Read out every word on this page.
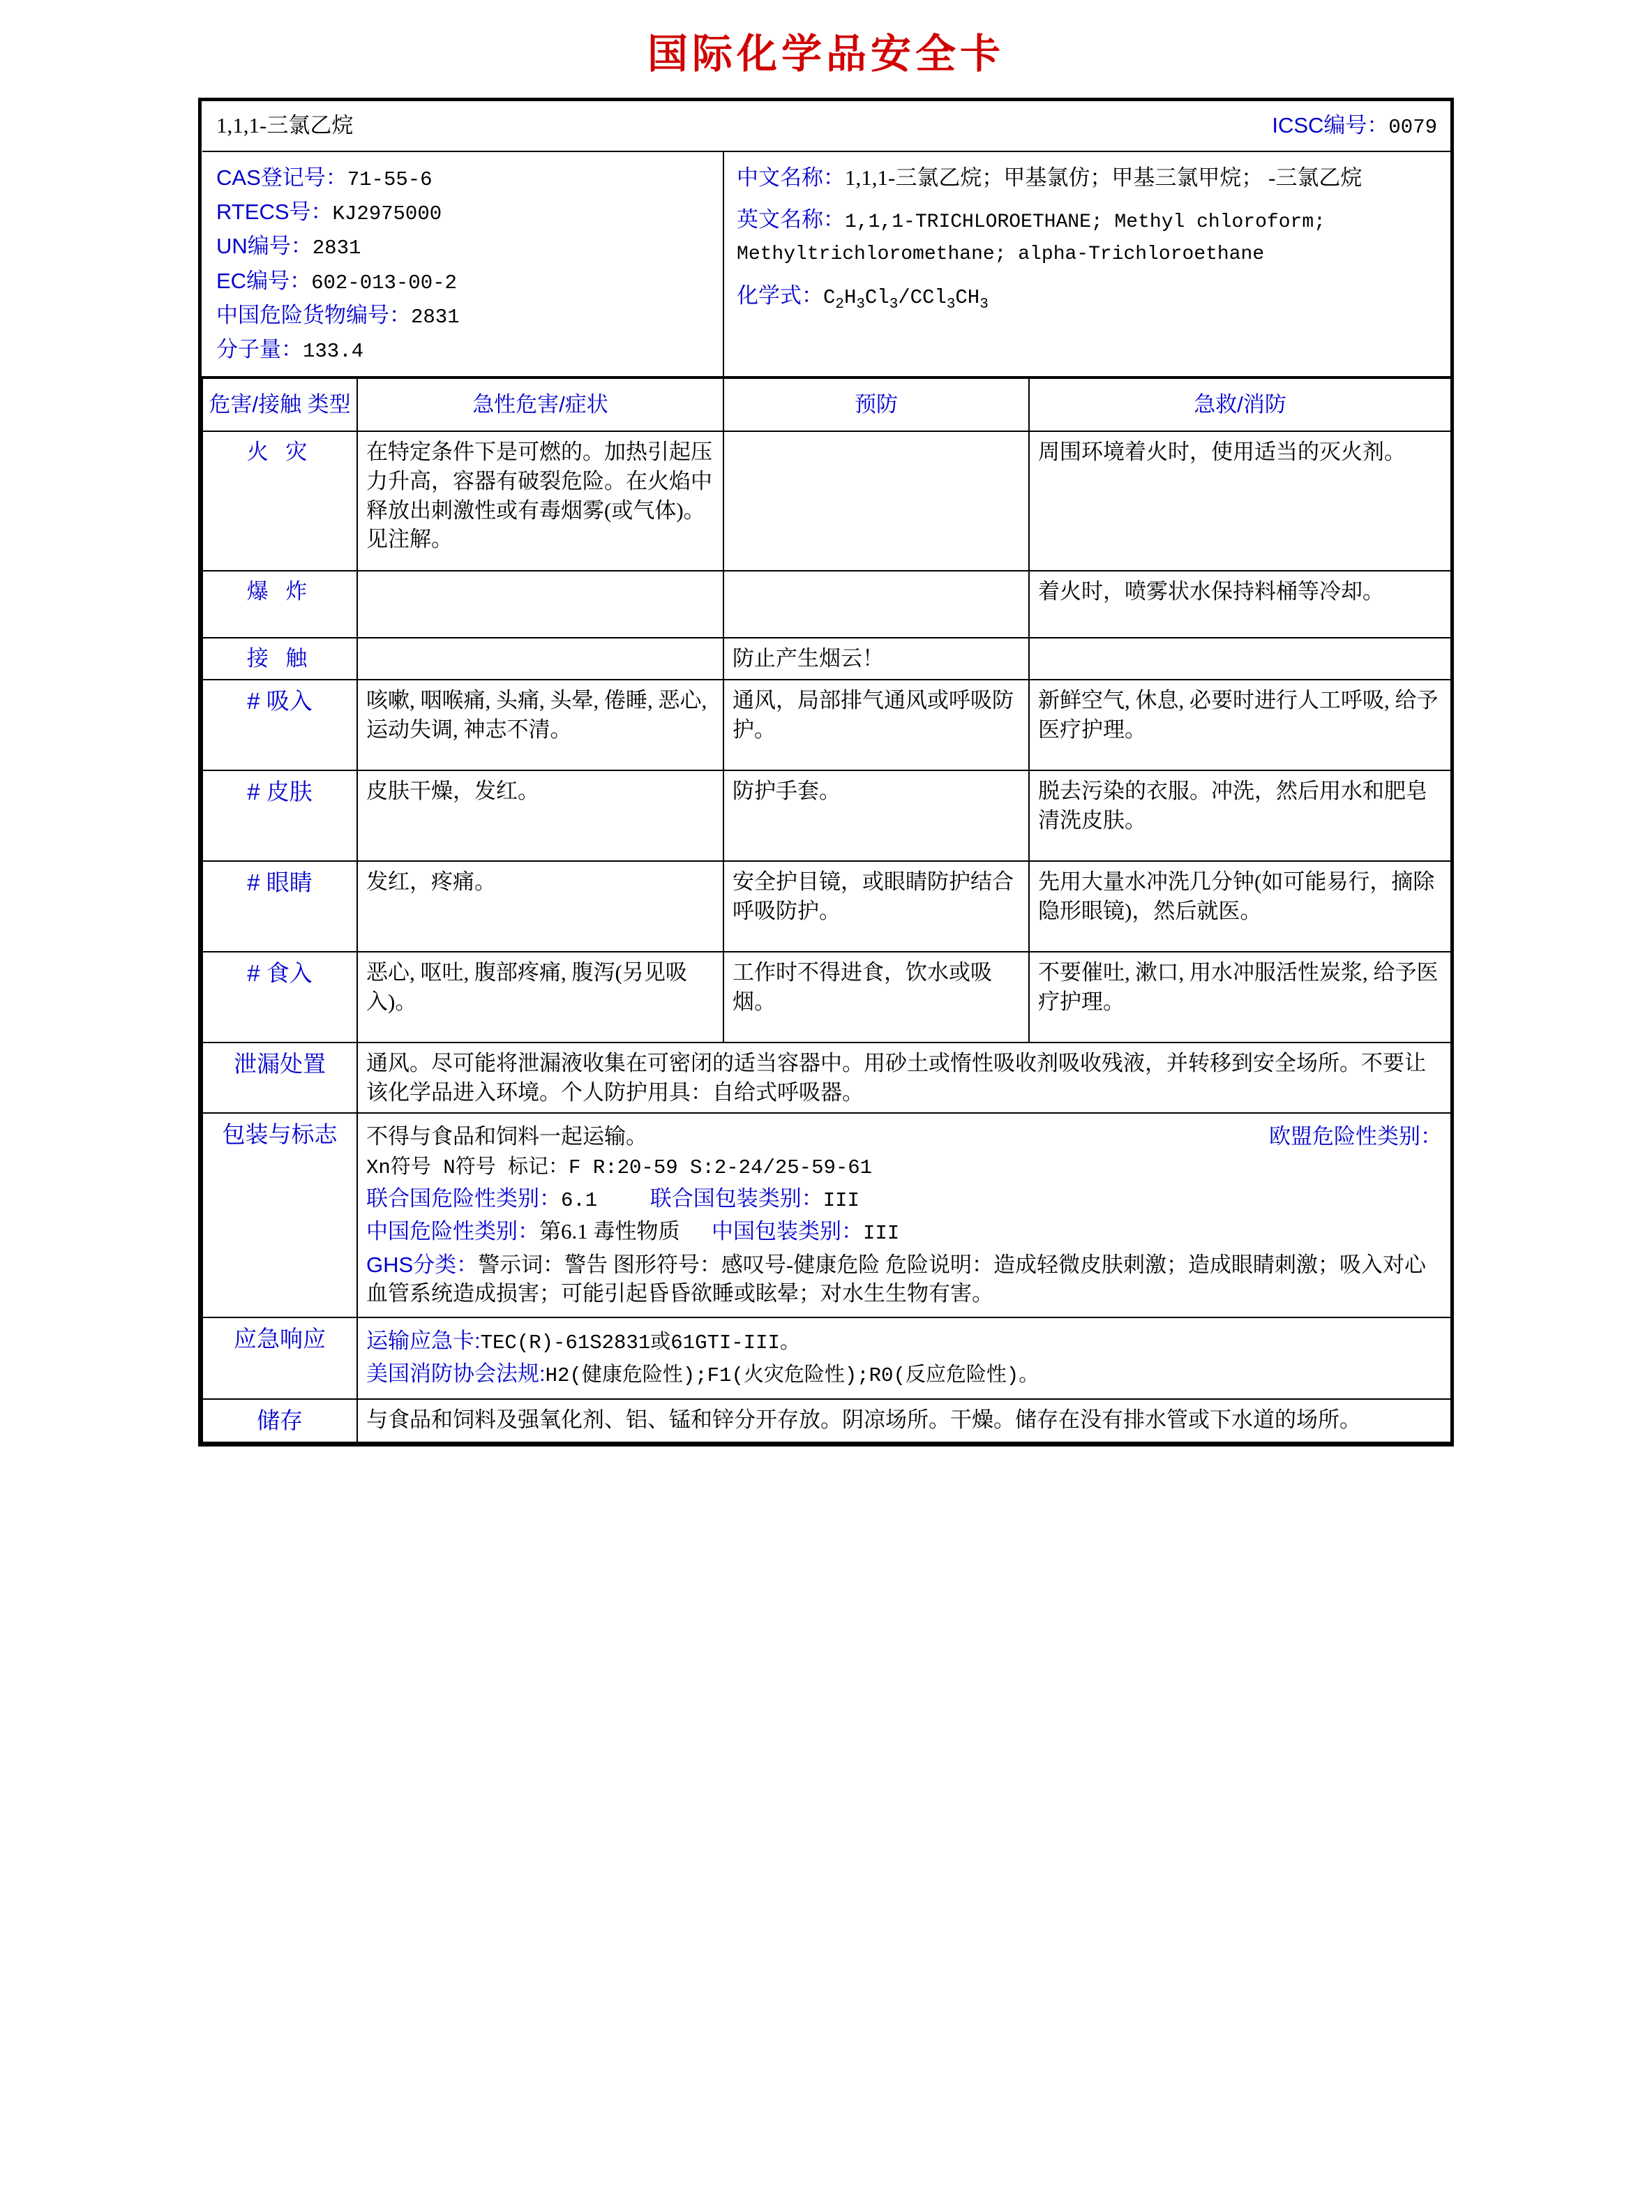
国际化学品安全卡
1,1,1-三氯乙烷		ICSC编号：0079	

CAS登记号：71-55-6
RTECS号：KJ2975000
UN编号：2831
EC编号：602-013-00-2
中国危险货物编号：2831
分子量：133.4

中文名称：1,1,1-三氯乙烷；甲基氯仿；甲基三氯甲烷； -三氯乙烷
英文名称：1,1,1-TRICHLOROETHANE; Methyl chloroform; Methyltrichloromethane; alpha-Trichloroethane
化学式：$C_2H_3Cl_3/CCl_3CH_3$

危害/接触 类型	急性危害/症状	预防	急救/消防
火 灾	在特定条件下是可燃的。加热引起压力升高，容器有破裂危险。在火焰中释放出刺激性或有毒烟雾(或气体)。见注解。		周围环境着火时，使用适当的灭火剂。
爆 炸			着火时，喷雾状水保持料桶等冷却。
接 触		防止产生烟云！	
# 吸入	咳嗽, 咽喉痛, 头痛, 头晕, 倦睡, 恶心, 运动失调, 神志不清。	通风，局部排气通风或呼吸防护。	新鲜空气, 休息, 必要时进行人工呼吸, 给予医疗护理。
# 皮肤	皮肤干燥，发红。	防护手套。	脱去污染的衣服。冲洗，然后用水和肥皂清洗皮肤。
# 眼睛	发红，疼痛。	安全护目镜，或眼睛防护结合呼吸防护。	先用大量水冲洗几分钟(如可能易行，摘除隐形眼镜)，然后就医。
# 食入	恶心, 呕吐, 腹部疼痛, 腹泻(另见吸入)。	工作时不得进食，饮水或吸烟。	不要催吐, 漱口, 用水冲服活性炭浆, 给予医疗护理。
泄漏处置	通风。尽可能将泄漏液收集在可密闭的适当容器中。用砂土或惰性吸收剂吸收残液，并转移到安全场所。不要让该化学品进入环境。个人防护用具：自给式呼吸器。		
包装与标志	不得与食品和饲料一起运输。	欧盟危险性类别：

Xn符号 N符号 标记：F R:20-59 S:2-24/25-59-61

联合国危险性类别：6.1 联合国包装类别：III

中国危险性类别：第6.1 毒性物质 中国包装类别：III

GHS分类：警示词：警告 图形符号：感叹号-健康危险 危险说明：造成轻微皮肤刺激；造成眼睛刺激；吸入对心血管系统造成损害；可能引起昏昏欲睡或眩晕；对水生生物有害。

应急响应	运输应急卡:TEC(R)-61S2831或61GTI-III。

美国消防协会法规:H2(健康危险性);F1(火灾危险性);R0(反应危险性)。		

储存	与食品和饲料及强氧化剂、铝、锰和锌分开存放。阴凉场所。干燥。储存在没有排水管或下水道的场所。		
